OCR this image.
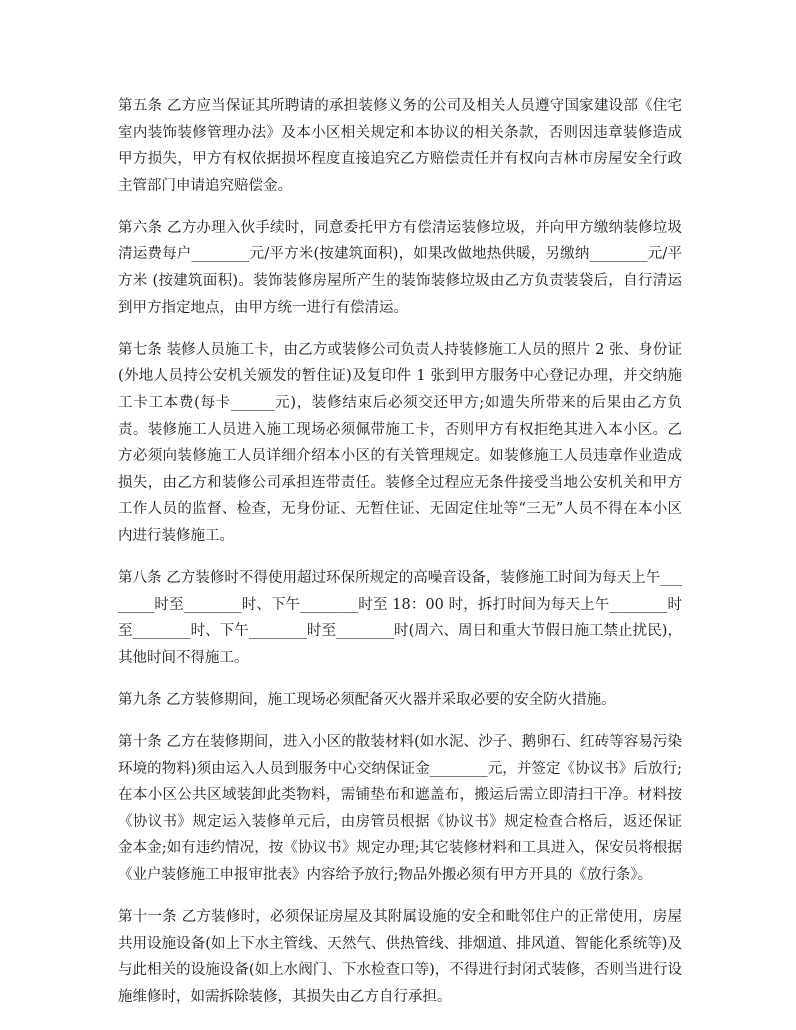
第五条 乙方应当保证其所聘请的承担装修义务的公司及相关人员遵守国家建设部《住宅室内装饰装修管理办法》及本小区相关规定和本协议的相关条款，否则因违章装修造成甲方损失，甲方有权依据损坏程度直接追究乙方赔偿责任并有权向吉林市房屋安全行政主管部门申请追究赔偿金。

第六条 乙方办理入伙手续时，同意委托甲方有偿清运装修垃圾，并向甲方缴纳装修垃圾清运费每户________元/平方米(按建筑面积)，如果改做地热供暖，另缴纳________元/平方米 (按建筑面积)。装饰装修房屋所产生的装饰装修垃圾由乙方负责装袋后，自行清运到甲方指定地点，由甲方统一进行有偿清运。

第七条 装修人员施工卡，由乙方或装修公司负责人持装修施工人员的照片 2 张、身份证(外地人员持公安机关颁发的暂住证)及复印件 1 张到甲方服务中心登记办理，并交纳施工卡工本费(每卡______元)，装修结束后必须交还甲方;如遗失所带来的后果由乙方负责。装修施工人员进入施工现场必须佩带施工卡，否则甲方有权拒绝其进入本小区。乙方必须向装修施工人员详细介绍本小区的有关管理规定。如装修施工人员违章作业造成损失，由乙方和装修公司承担连带责任。装修全过程应无条件接受当地公安机关和甲方工作人员的监督、检查，无身份证、无暂住证、无固定住址等“三无”人员不得在本小区内进行装修施工。

第八条 乙方装修时不得使用超过环保所规定的高噪音设备，装修施工时间为每天上午________时至________时、下午________时至 18：00 时，拆打时间为每天上午________时至________时、下午________时至________时(周六、周日和重大节假日施工禁止扰民)，其他时间不得施工。

第九条 乙方装修期间，施工现场必须配备灭火器并采取必要的安全防火措施。

第十条 乙方在装修期间，进入小区的散装材料(如水泥、沙子、鹅卵石、红砖等容易污染环境的物料)须由运入人员到服务中心交纳保证金________元，并签定《协议书》后放行;在本小区公共区域装卸此类物料，需铺垫布和遮盖布，搬运后需立即清扫干净。材料按《协议书》规定运入装修单元后，由房管员根据《协议书》规定检查合格后，返还保证金本金;如有违约情况，按《协议书》规定办理;其它装修材料和工具进入，保安员将根据《业户装修施工申报审批表》内容给予放行;物品外搬必须有甲方开具的《放行条》。

第十一条 乙方装修时，必须保证房屋及其附属设施的安全和毗邻住户的正常使用，房屋共用设施设备(如上下水主管线、天然气、供热管线、排烟道、排风道、智能化系统等)及与此相关的设施设备(如上水阀门、下水检查口等)，不得进行封闭式装修，否则当进行设施维修时，如需拆除装修，其损失由乙方自行承担。
